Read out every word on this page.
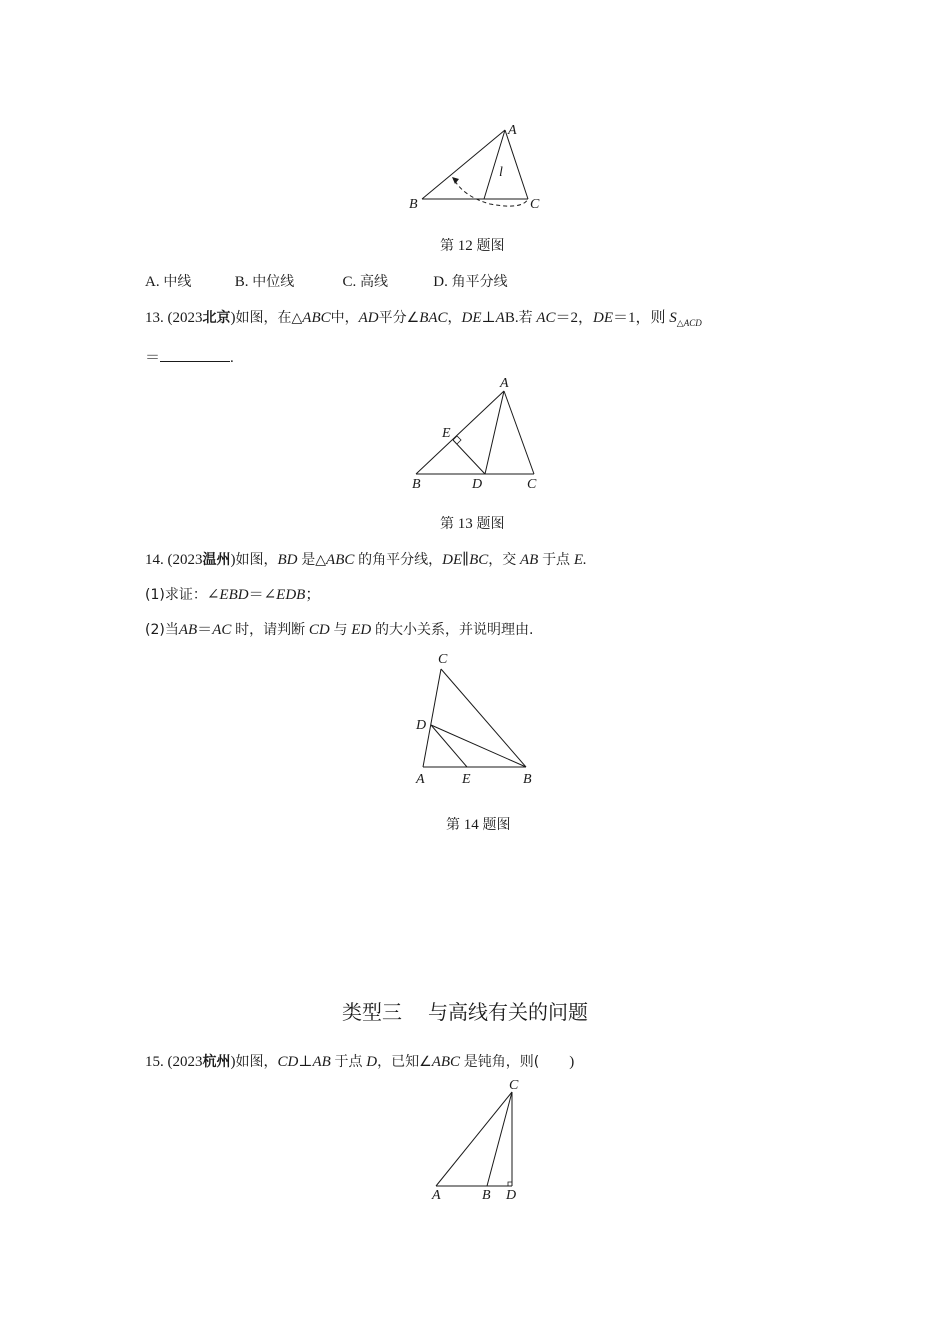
A
B	C
l
第 12 题图
A. 中线	B. 中位线	C. 高线	D. 角平分线
13. (2023北京)如图，在△ABC中，AD平分∠BAC，DE⊥AB.若 AC＝2，DE＝1，则 $S_{\triangle ACD}$
＝	.
A
B	C
D
E
第 13 题图
14. (2023温州)如图，BD 是△ABC 的角平分线，DE∥BC，交 AB 于点 E.
(1)求证：∠EBD＝∠EDB；
(2)当AB＝AC 时，请判断 CD 与 ED 的大小关系，并说明理由.
C
D
A	E	B
第 14 题图
类型三 与高线有关的问题
15. (2023杭州)如图，CD⊥AB 于点 D，已知∠ABC 是钝角，则( )
C
A	B D
